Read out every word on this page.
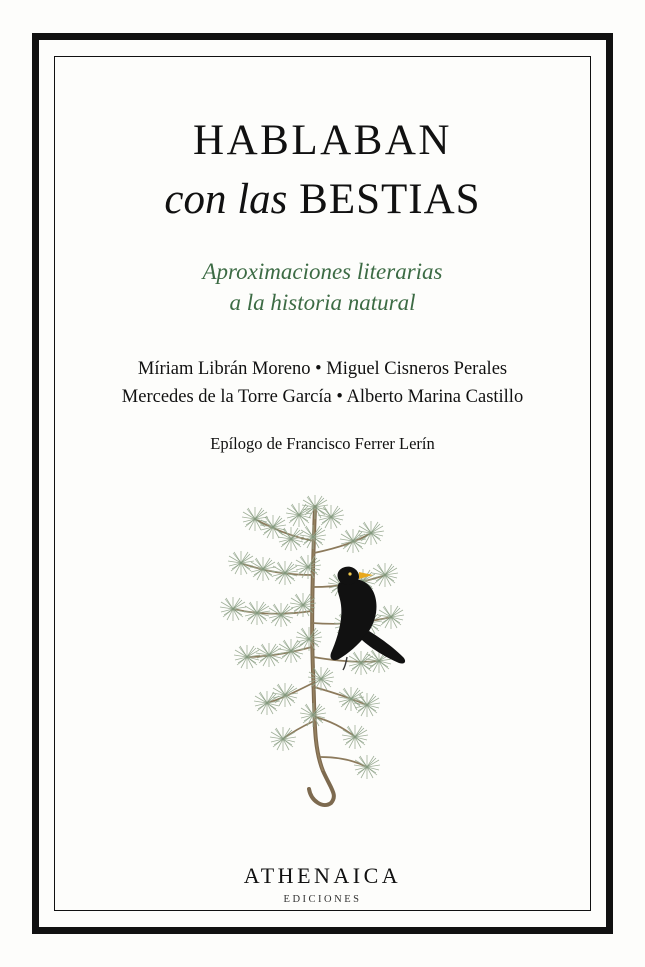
HABLABAN
con las BESTIAS
Aproximaciones literarias
a la historia natural
Míriam Librán Moreno • Miguel Cisneros Perales
Mercedes de la Torre García • Alberto Marina Castillo
Epílogo de Francisco Ferrer Lerín
ATHENAICA
EDICIONES
